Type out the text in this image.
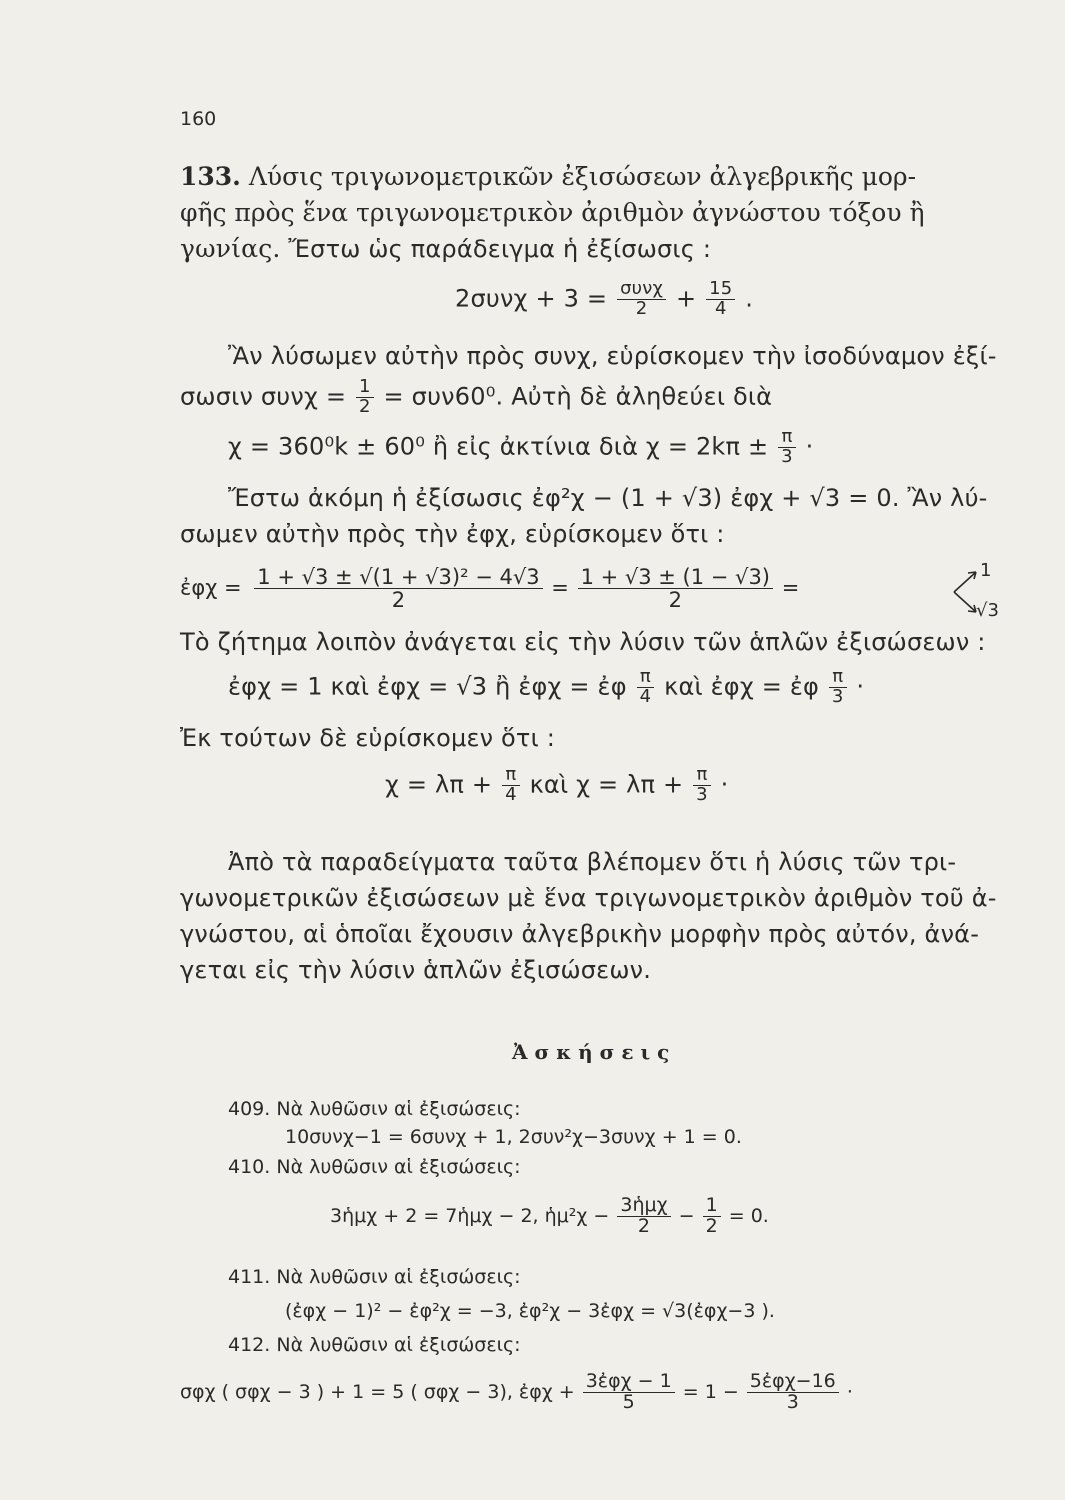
160
133. Λύσις τριγωνομετρικῶν ἐξισώσεων ἀλγεβρικῆς μορ-
φῆς πρὸς ἕνα τριγωνομετρικὸν ἀριθμὸν ἀγνώστου τόξου ἢ
γωνίας. Ἔστω ὡς παράδειγμα ἡ ἐξίσωσις :
$2\sigma\upsilon\nu\chi + 3 = \frac{\text{συνχ}}{2} + \frac{15}{4}$ .
Ἂν λύσωμεν αὐτὴν πρὸς συνχ, εὑρίσκομεν τὴν ἰσοδύναμον ἐξί-
σωσιν $\sigma\upsilon\nu\chi = \frac{1}{2} = \sigma\upsilon\nu 60^0$. Αὐτὴ δὲ ἀληθεύει διὰ
χ = 360⁰k ± 60⁰ ἢ εἰς ἀκτίνια διὰ $\chi = 2k\pi \pm \frac{\pi}{3}$ ·
Ἔστω ἀκόμη ἡ ἐξίσωσις ἐφ²χ − (1 + √3) ἐφχ + √3 = 0. Ἂν λύ-
σωμεν αὐτὴν πρὸς τὴν ἐφχ, εὑρίσκομεν ὅτι :
ἐφχ = $\frac{\text{1 + √3 ± √(1 + √3)² − 4√3}}{2} = \frac{1 + √3 \pm (1 - √3)}{2}$ =
1
√3
Τὸ ζήτημα λοιπὸν ἀνάγεται εἰς τὴν λύσιν τῶν ἁπλῶν ἐξισώσεων :
ἐφχ = 1 καὶ ἐφχ = √3 ἢ ἐφχ = ἐφ $\frac{\pi}{4}$ καὶ ἐφχ = ἐφ $\frac{\pi}{3}$ ·
Ἐκ τούτων δὲ εὑρίσκομεν ὅτι :
$\chi = \lambda\pi + \frac{\pi}{4}$ καὶ $\chi = \lambda\pi + \frac{\pi}{3}$ ·
Ἀπὸ τὰ παραδείγματα ταῦτα βλέπομεν ὅτι ἡ λύσις τῶν τρι-
γωνομετρικῶν ἐξισώσεων μὲ ἕνα τριγωνομετρικὸν ἀριθμὸν τοῦ ἀ-
γνώστου, αἱ ὁποῖαι ἔχουσιν ἀλγεβρικὴν μορφὴν πρὸς αὐτόν, ἀνά-
γεται εἰς τὴν λύσιν ἁπλῶν ἐξισώσεων.
Ἀ σ κ ή σ ε ι ς
409. Νὰ λυθῶσιν αἱ ἐξισώσεις:
10συνχ−1 = 6συνχ + 1, 2συν²χ−3συνχ + 1 = 0.
410. Νὰ λυθῶσιν αἱ ἐξισώσεις:
3ἡμχ + 2 = 7ἡμχ − 2, ἡμ²χ − $\frac{\text{3ἡμχ}}{2} - \frac{1}{2} = 0$.
411. Νὰ λυθῶσιν αἱ ἐξισώσεις:
(ἐφχ − 1)² − ἐφ²χ = −3, ἐφ²χ − 3ἐφχ = √3(ἐφχ−3 ).
412. Νὰ λυθῶσιν αἱ ἐξισώσεις:
σφχ ( σφχ − 3 ) + 1 = 5 ( σφχ − 3), ἐφχ + $\frac{\text{3ἐφχ − 1}}{5} = 1 - \frac{\text{5ἐφχ−16}}{3}$ ·
